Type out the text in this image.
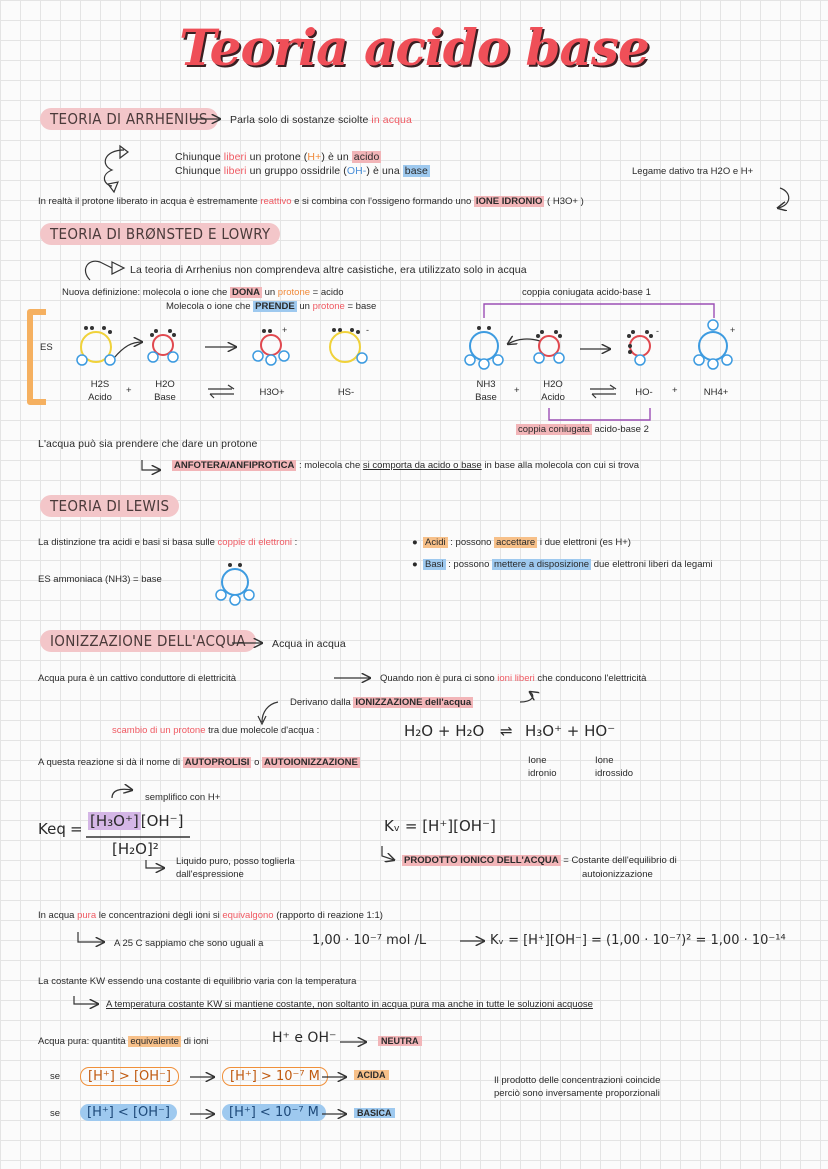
Teoria acido base
TEORIA DI ARRHENIUS	Parla solo di sostanze sciolte in acqua
Chiunque liberi un protone (H+) è un acido
Chiunque liberi un gruppo ossidrile (OH-) è una base	Legame dativo tra H2O e H+
In realtà il protone liberato in acqua è estremamente reattivo e si combina con l'ossigeno formando uno IONE IDRONIO ( H3O+ )
TEORIA DI BRØNSTED E LOWRY
La teoria di Arrhenius non comprendeva altre casistiche, era utilizzato solo in acqua
Nuova definizione: molecola o ione che DONA un protone = acido
Molecola o ione che PRENDE un protone = base
coppia coniugata acido-base 1
ES
H2S
Acido
+
H2O
Base	H3O+	HS-
NH3
Base
+
H2O
Acido	HO-	+	NH4+
coppia coniugata acido-base 2
L'acqua può sia prendere che dare un protone
ANFOTERA/ANFIPROTICA : molecola che si comporta da acido o base in base alla molecola con cui si trova
TEORIA DI LEWIS
La distinzione tra acidi e basi si basa sulle coppie di elettroni :	●  Acidi : possono accettare i due elettroni (es H+)
●  Basi : possono mettere a disposizione due elettroni liberi da legami
ES ammoniaca (NH3) = base
IONIZZAZIONE DELL'ACQUA	Acqua in acqua
Acqua pura è un cattivo conduttore di elettricità	Quando non è pura ci sono ioni liberi che conducono l'elettricità
Derivano dalla IONIZZAZIONE dell'acqua
scambio di un protone tra due molecole d'acqua :	H₂O + H₂O ⇌ H₃O⁺ + HO⁻
A questa reazione si dà il nome di AUTOPROLISI o AUTOIONIZZAZIONE	Ione
idronio
Ione
idrossido
semplifico con H+
Keq = [H₃O⁺] [OH⁻]
[H₂O]²
Liquido puro, posso toglierla
dall'espressione
Kᵥ = [H⁺][OH⁻]
PRODOTTO IONICO DELL'ACQUA = Costante dell'equilibrio di
autoionizzazione
In acqua pura le concentrazioni degli ioni si equivalgono (rapporto di reazione 1:1)
A 25 C sappiamo che sono uguali a	1,00 · 10⁻⁷ mol /L	Kᵥ = [H⁺][OH⁻] = (1,00 · 10⁻⁷)² = 1,00 · 10⁻¹⁴
La costante KW essendo una costante di equilibrio varia con la temperatura
A temperatura costante KW si mantiene costante, non soltanto in acqua pura ma anche in tutte le soluzioni acquose
Acqua pura: quantità equivalente di ioni	H⁺ e OH⁻	NEUTRA
se	[H⁺] > [OH⁻]	[H⁺] > 10⁻⁷ M	ACIDA
se	[H⁺] < [OH⁻]	[H⁺] < 10⁻⁷ M	BASICA
Il prodotto delle concentrazioni coincide
perciò sono inversamente proporzionali
+	-	-	+
